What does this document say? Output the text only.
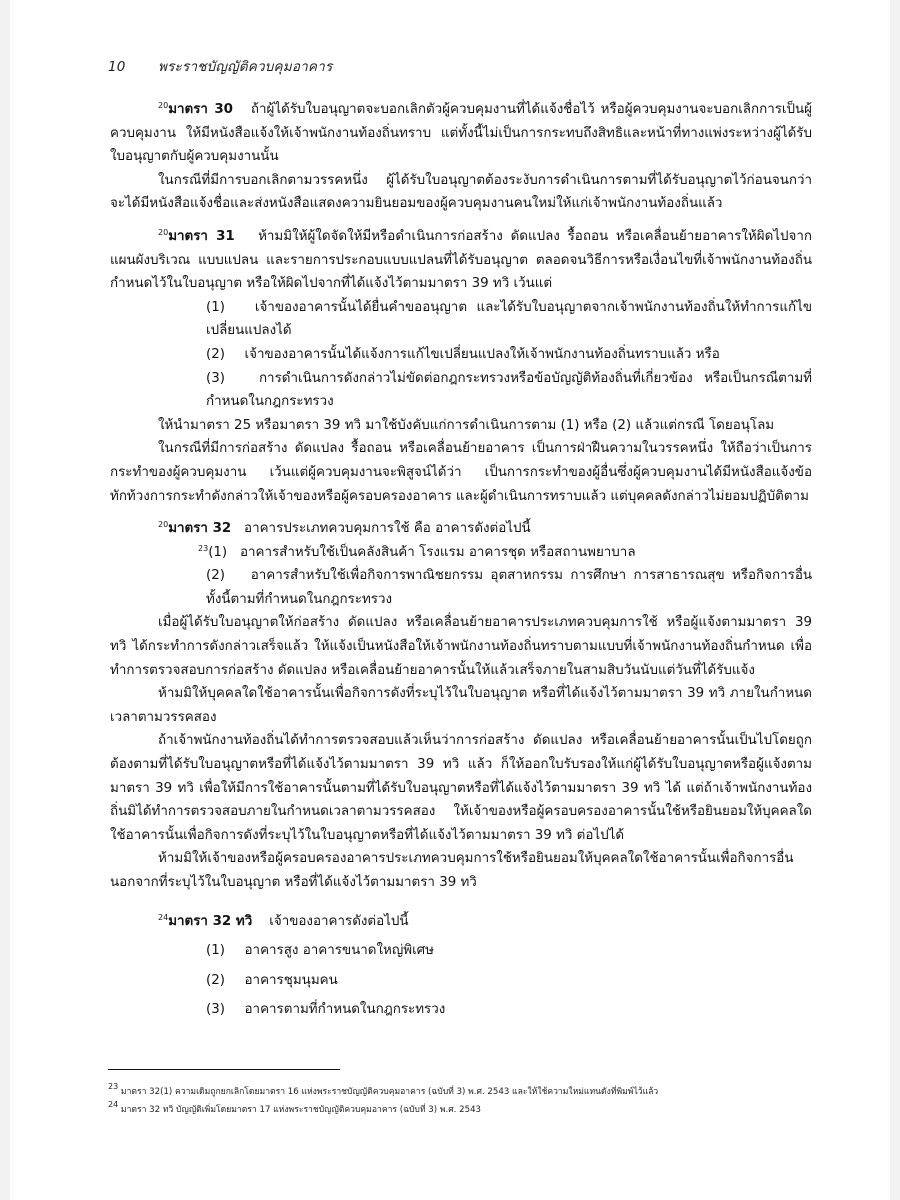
10 พระราชบัญญัติควบคุมอาคาร

$^{20}$มาตรา 30 ถ้าผู้ได้รับใบอนุญาตจะบอกเลิกตัวผู้ควบคุมงานที่ได้แจ้งชื่อไว้ หรือผู้ควบคุมงานจะบอกเลิกการเป็นผู้ควบคุมงาน ให้มีหนังสือแจ้งให้เจ้าพนักงานท้องถิ่นทราบ แต่ทั้งนี้ไม่เป็นการกระทบถึงสิทธิและหน้าที่ทางแพ่งระหว่างผู้ได้รับใบอนุญาตกับผู้ควบคุมงานนั้น

ในกรณีที่มีการบอกเลิกตามวรรคหนึ่ง ผู้ได้รับใบอนุญาตต้องระงับการดำเนินการตามที่ได้รับอนุญาตไว้ก่อนจนกว่าจะได้มีหนังสือแจ้งชื่อและส่งหนังสือแสดงความยินยอมของผู้ควบคุมงานคนใหม่ให้แก่เจ้าพนักงานท้องถิ่นแล้ว

$^{20}$มาตรา 31 ห้ามมิให้ผู้ใดจัดให้มีหรือดำเนินการก่อสร้าง ดัดแปลง รื้อถอน หรือเคลื่อนย้ายอาคารให้ผิดไปจากแผนผังบริเวณ แบบแปลน และรายการประกอบแบบแปลนที่ได้รับอนุญาต ตลอดจนวิธีการหรือเงื่อนไขที่เจ้าพนักงานท้องถิ่นกำหนดไว้ในใบอนุญาต หรือให้ผิดไปจากที่ได้แจ้งไว้ตามมาตรา 39 ทวิ เว้นแต่

(1) เจ้าของอาคารนั้นได้ยื่นคำขออนุญาต และได้รับใบอนุญาตจากเจ้าพนักงานท้องถิ่นให้ทำการแก้ไขเปลี่ยนแปลงได้

(2) เจ้าของอาคารนั้นได้แจ้งการแก้ไขเปลี่ยนแปลงให้เจ้าพนักงานท้องถิ่นทราบแล้ว หรือ

(3)	การดำเนินการดังกล่าวไม่ขัดต่อกฎกระทรวงหรือข้อบัญญัติท้องถิ่นที่เกี่ยวข้อง หรือเป็นกรณีตามที่กำหนดในกฎกระทรวง

ให้นำมาตรา 25 หรือมาตรา 39 ทวิ มาใช้บังคับแก่การดำเนินการตาม (1) หรือ (2) แล้วแต่กรณี โดยอนุโลม

ในกรณีที่มีการก่อสร้าง ดัดแปลง รื้อถอน หรือเคลื่อนย้ายอาคาร เป็นการฝ่าฝืนความในวรรคหนึ่ง ให้ถือว่าเป็นการกระทำของผู้ควบคุมงาน เว้นแต่ผู้ควบคุมงานจะพิสูจน์ได้ว่า เป็นการกระทำของผู้อื่นซึ่งผู้ควบคุมงานได้มีหนังสือแจ้งข้อทักท้วงการกระทำดังกล่าวให้เจ้าของหรือผู้ครอบครองอาคาร และผู้ดำเนินการทราบแล้ว แต่บุคคลดังกล่าวไม่ยอมปฏิบัติตาม

$^{20}$มาตรา 32 อาคารประเภทควบคุมการใช้ คือ อาคารดังต่อไปนี้

$^{23}$(1) อาคารสำหรับใช้เป็นคลังสินค้า โรงแรม อาคารชุด หรือสถานพยาบาล

(2) อาคารสำหรับใช้เพื่อกิจการพาณิชยกรรม อุตสาหกรรม การศึกษา การสาธารณสุข หรือกิจการอื่นทั้งนี้ตามที่กำหนดในกฎกระทรวง

เมื่อผู้ได้รับใบอนุญาตให้ก่อสร้าง ดัดแปลง หรือเคลื่อนย้ายอาคารประเภทควบคุมการใช้ หรือผู้แจ้งตามมาตรา 39 ทวิ ได้กระทำการดังกล่าวเสร็จแล้ว ให้แจ้งเป็นหนังสือให้เจ้าพนักงานท้องถิ่นทราบตามแบบที่เจ้าพนักงานท้องถิ่นกำหนด เพื่อทำการตรวจสอบการก่อสร้าง ดัดแปลง หรือเคลื่อนย้ายอาคารนั้นให้แล้วเสร็จภายในสามสิบวันนับแต่วันที่ได้รับแจ้ง

ห้ามมิให้บุคคลใดใช้อาคารนั้นเพื่อกิจการดังที่ระบุไว้ในใบอนุญาต หรือที่ได้แจ้งไว้ตามมาตรา 39 ทวิ ภายในกำหนดเวลาตามวรรคสอง

ถ้าเจ้าพนักงานท้องถิ่นได้ทำการตรวจสอบแล้วเห็นว่าการก่อสร้าง ดัดแปลง หรือเคลื่อนย้ายอาคารนั้นเป็นไปโดยถูกต้องตามที่ได้รับใบอนุญาตหรือที่ได้แจ้งไว้ตามมาตรา 39 ทวิ แล้ว ก็ให้ออกใบรับรองให้แก่ผู้ได้รับใบอนุญาตหรือผู้แจ้งตามมาตรา 39 ทวิ เพื่อให้มีการใช้อาคารนั้นตามที่ได้รับใบอนุญาตหรือที่ได้แจ้งไว้ตามมาตรา 39 ทวิ ได้ แต่ถ้าเจ้าพนักงานท้องถิ่นมิได้ทำการตรวจสอบภายในกำหนดเวลาตามวรรคสอง ให้เจ้าของหรือผู้ครอบครองอาคารนั้นใช้หรือยินยอมให้บุคคลใดใช้อาคารนั้นเพื่อกิจการดังที่ระบุไว้ในใบอนุญาตหรือที่ได้แจ้งไว้ตามมาตรา 39 ทวิ ต่อไปได้

ห้ามมิให้เจ้าของหรือผู้ครอบครองอาคารประเภทควบคุมการใช้หรือยินยอมให้บุคคลใดใช้อาคารนั้นเพื่อกิจการอื่นนอกจากที่ระบุไว้ในใบอนุญาต หรือที่ได้แจ้งไว้ตามมาตรา 39 ทวิ

$^{24}$มาตรา 32 ทวิ เจ้าของอาคารดังต่อไปนี้

(1) อาคารสูง อาคารขนาดใหญ่พิเศษ

(2) อาคารชุมนุมคน

(3) อาคารตามที่กำหนดในกฎกระทรวง

23 มาตรา 32(1) ความเดิมถูกยกเลิกโดยมาตรา 16 แห่งพระราชบัญญัติควบคุมอาคาร (ฉบับที่ 3) พ.ศ. 2543 และให้ใช้ความใหม่แทนดังที่พิมพ์ไว้แล้ว

24 มาตรา 32 ทวิ บัญญัติเพิ่มโดยมาตรา 17 แห่งพระราชบัญญัติควบคุมอาคาร (ฉบับที่ 3) พ.ศ. 2543
